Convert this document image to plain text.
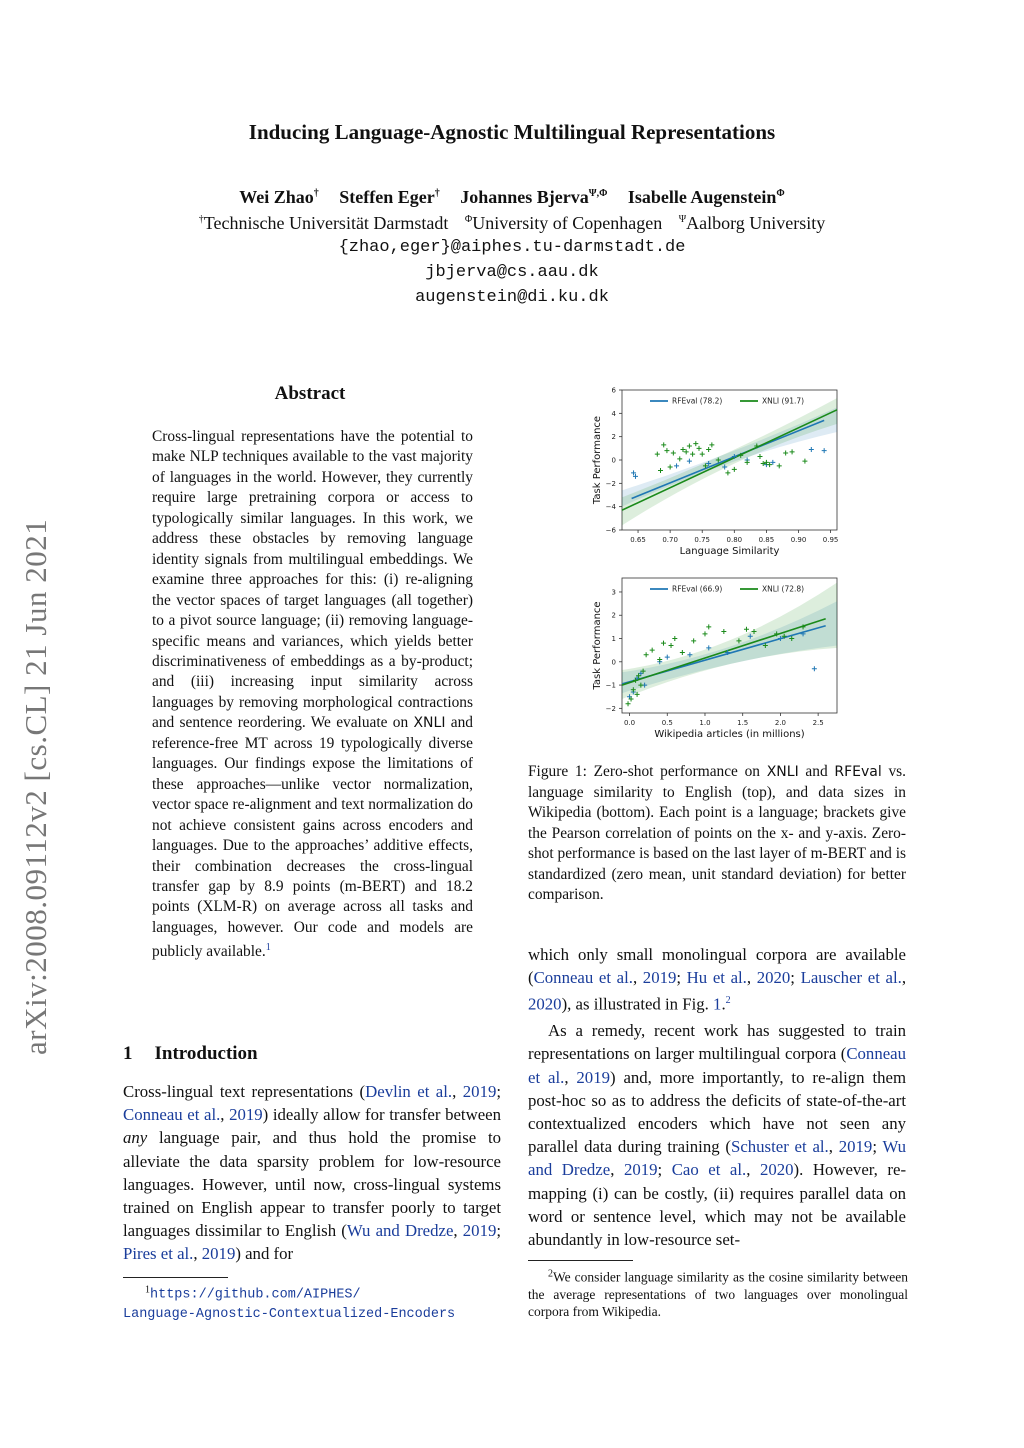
Inducing Language-Agnostic Multilingual Representations
Wei Zhao† Steffen Eger† Johannes Bjerva$^{\Psi,\Phi}$ Isabelle Augenstein$^\Phi$
†Technische Universität Darmstadt $^\Phi$University of Copenhagen $^\Psi$Aalborg University
{zhao,eger}@aiphes.tu-darmstadt.de
jbjerva@cs.aau.dk
augenstein@di.ku.dk
arXiv:2008.09112v2 [cs.CL] 21 Jun 2021
Abstract
Cross-lingual representations have the potential to make NLP techniques available to the vast majority of languages in the world. However, they currently require large pretraining corpora or access to typologically similar languages. In this work, we address these obstacles by removing language identity signals from multilingual embeddings. We examine three approaches for this: (i) re-aligning the vector spaces of target languages (all together) to a pivot source language; (ii) removing language-specific means and variances, which yields better discriminativeness of embeddings as a by-product; and (iii) increasing input similarity across languages by removing morphological contractions and sentence reordering. We evaluate on XNLI and reference-free MT across 19 typologically diverse languages. Our findings expose the limitations of these approaches—unlike vector normalization, vector space re-alignment and text normalization do not achieve consistent gains across encoders and languages. Due to the approaches’ additive effects, their combination decreases the cross-lingual transfer gap by 8.9 points (m-BERT) and 18.2 points (XLM-R) on average across all tasks and languages, however. Our code and models are publicly available.$^1$
1 Introduction
Cross-lingual text representations (Devlin et al., 2019; Conneau et al., 2019) ideally allow for transfer between any language pair, and thus hold the promise to alleviate the data sparsity problem for low-resource languages. However, until now, cross-lingual systems trained on English appear to transfer poorly to target languages dissimilar to English (Wu and Dredze, 2019; Pires et al., 2019) and for
$^1$https://github.com/AIPHES/
Language-Agnostic-Contextualized-Encoders
0.65 0.70 0.75 0.80 0.85 0.90 0.95
−6
−4
−2
0
2
4
6
Language Similarity
Task Performance
RFEval (78.2)	XNLI (91.7)
0.0	0.5	1.0	1.5	2.0	2.5
−2
−1
0
1
2
3
Wikipedia articles (in millions)
Task Performance
RFEval (66.9)	XNLI (72.8)
Figure 1: Zero-shot performance on XNLI and RFEval vs. language similarity to English (top), and data sizes in Wikipedia (bottom). Each point is a language; brackets give the Pearson correlation of points on the x- and y-axis. Zero-shot performance is based on the last layer of m-BERT and is standardized (zero mean, unit standard deviation) for better comparison.
which only small monolingual corpora are available (Conneau et al., 2019; Hu et al., 2020; Lauscher et al., 2020), as illustrated in Fig. 1.$^2$
As a remedy, recent work has suggested to train representations on larger multilingual corpora (Conneau et al., 2019) and, more importantly, to re-align them post-hoc so as to address the deficits of state-of-the-art contextualized encoders which have not seen any parallel data during training (Schuster et al., 2019; Wu and Dredze, 2019; Cao et al., 2020). However, re-mapping (i) can be costly, (ii) requires parallel data on word or sentence level, which may not be available abundantly in low-resource set-
$^2$We consider language similarity as the cosine similarity between the average representations of two languages over monolingual corpora from Wikipedia.
